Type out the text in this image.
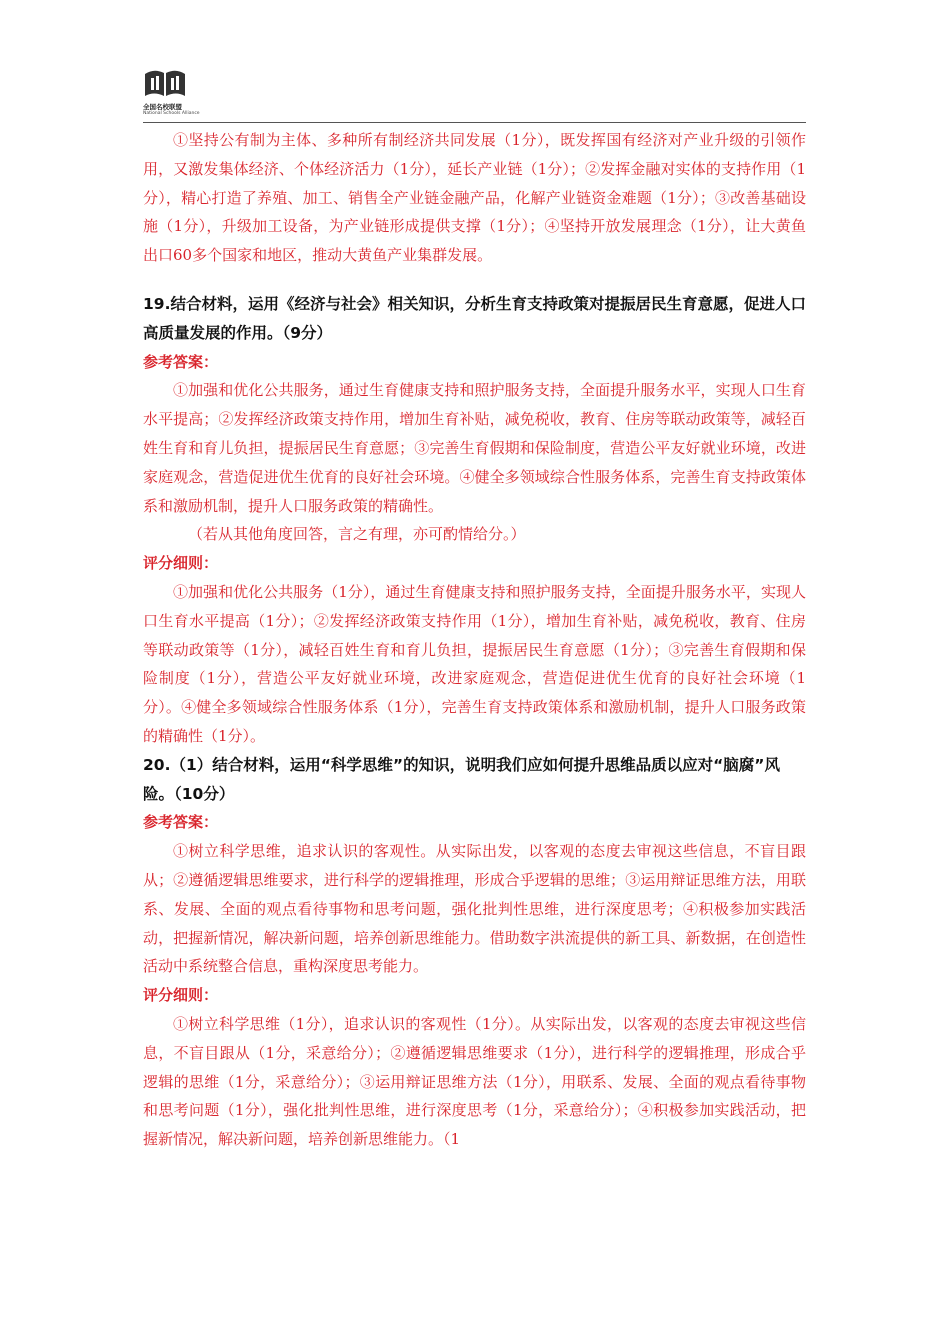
全国名校联盟
National Schools Alliance

①坚持公有制为主体、多种所有制经济共同发展（1分），既发挥国有经济对产业升级的引领作用，又激发集体经济、个体经济活力（1分），延长产业链（1分）；②发挥金融对实体的支持作用（1分），精心打造了养殖、加工、销售全产业链金融产品，化解产业链资金难题（1分）；③改善基础设施（1分），升级加工设备，为产业链形成提供支撑（1分）；④坚持开放发展理念（1分），让大黄鱼出口60多个国家和地区，推动大黄鱼产业集群发展。

19.结合材料，运用《经济与社会》相关知识，分析生育支持政策对提振居民生育意愿，促进人口高质量发展的作用。（9分）

参考答案：

①加强和优化公共服务，通过生育健康支持和照护服务支持，全面提升服务水平，实现人口生育水平提高；②发挥经济政策支持作用，增加生育补贴，减免税收，教育、住房等联动政策等，减轻百姓生育和育儿负担，提振居民生育意愿；③完善生育假期和保险制度，营造公平友好就业环境，改进家庭观念，营造促进优生优育的良好社会环境。④健全多领域综合性服务体系，完善生育支持政策体系和激励机制，提升人口服务政策的精确性。

（若从其他角度回答，言之有理，亦可酌情给分。）

评分细则：

①加强和优化公共服务（1分），通过生育健康支持和照护服务支持，全面提升服务水平，实现人口生育水平提高（1分）；②发挥经济政策支持作用（1分），增加生育补贴，减免税收，教育、住房等联动政策等（1分），减轻百姓生育和育儿负担，提振居民生育意愿（1分）；③完善生育假期和保险制度（1分），营造公平友好就业环境，改进家庭观念，营造促进优生优育的良好社会环境（1分）。④健全多领域综合性服务体系（1分），完善生育支持政策体系和激励机制，提升人口服务政策的精确性（1分）。

20.（1）结合材料，运用“科学思维”的知识，说明我们应如何提升思维品质以应对“脑腐”风险。（10分）

参考答案：

①树立科学思维，追求认识的客观性。从实际出发，以客观的态度去审视这些信息，不盲目跟从；②遵循逻辑思维要求，进行科学的逻辑推理，形成合乎逻辑的思维；③运用辩证思维方法，用联系、发展、全面的观点看待事物和思考问题，强化批判性思维，进行深度思考；④积极参加实践活动，把握新情况，解决新问题，培养创新思维能力。借助数字洪流提供的新工具、新数据，在创造性活动中系统整合信息，重构深度思考能力。

评分细则：

①树立科学思维（1分），追求认识的客观性（1分）。从实际出发，以客观的态度去审视这些信息，不盲目跟从（1分，采意给分）；②遵循逻辑思维要求（1分），进行科学的逻辑推理，形成合乎逻辑的思维（1分，采意给分）；③运用辩证思维方法（1分），用联系、发展、全面的观点看待事物和思考问题（1分），强化批判性思维，进行深度思考（1分，采意给分）；④积极参加实践活动，把握新情况，解决新问题，培养创新思维能力。（1
